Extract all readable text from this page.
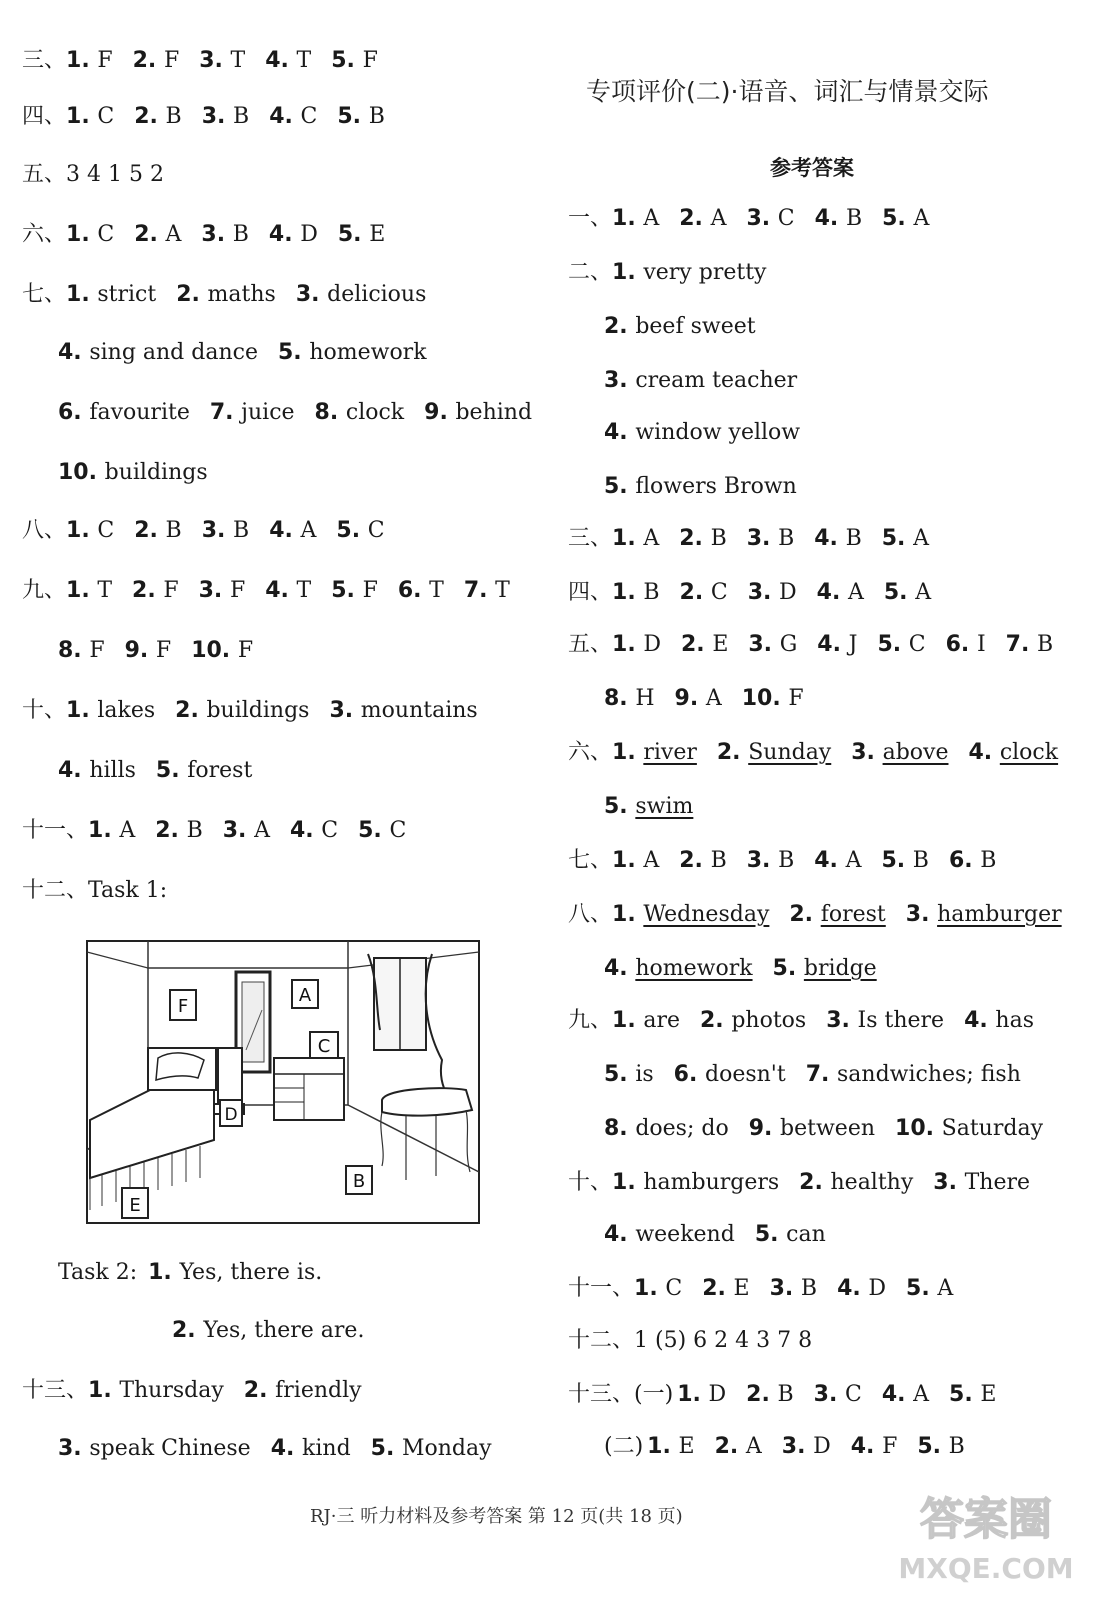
专项评价(二)·语音、词汇与情景交际
参考答案
三、1. F 2. F 3. T 4. T 5. F
四、1. C 2. B 3. B 4. C 5. B
五、3 4 1 5 2
六、1. C 2. A 3. B 4. D 5. E
七、1. strict 2. maths 3. delicious
4. sing and dance 5. homework
6. favourite 7. juice 8. clock 9. behind
10. buildings
八、1. C 2. B 3. B 4. A 5. C
九、1. T 2. F 3. F 4. T 5. F 6. T 7. T
8. F 9. F 10. F
十、1. lakes 2. buildings 3. mountains
4. hills 5. forest
十一、1. A 2. B 3. A 4. C 5. C
十二、Task 1:
Task 2: 1. Yes, there is.
2. Yes, there are.
十三、1. Thursday 2. friendly
3. speak Chinese 4. kind 5. Monday
一、1. A 2. A 3. C 4. B 5. A
二、1. very pretty
2. beef sweet
3. cream teacher
4. window yellow
5. flowers Brown
三、1. A 2. B 3. B 4. B 5. A
四、1. B 2. C 3. D 4. A 5. A
五、1. D 2. E 3. G 4. J 5. C 6. I 7. B
8. H 9. A 10. F
六、1. river 2. Sunday 3. above 4. clock
5. swim
七、1. A 2. B 3. B 4. A 5. B 6. B
八、1. Wednesday 2. forest 3. hamburger
4. homework 5. bridge
九、1. are 2. photos 3. Is there 4. has
5. is 6. doesn't 7. sandwiches; fish
8. does; do 9. between 10. Saturday
十、1. hamburgers 2. healthy 3. There
4. weekend 5. can
十一、1. C 2. E 3. B 4. D 5. A
十二、1 (5) 6 2 4 3 7 8
十三、(一) 1. D 2. B 3. C 4. A 5. E
(二) 1. E 2. A 3. D 4. F 5. B
F
A
C
D
E
B
RJ·三 听力材料及参考答案 第 12 页(共 18 页)	答案圈
MXQE.COM
